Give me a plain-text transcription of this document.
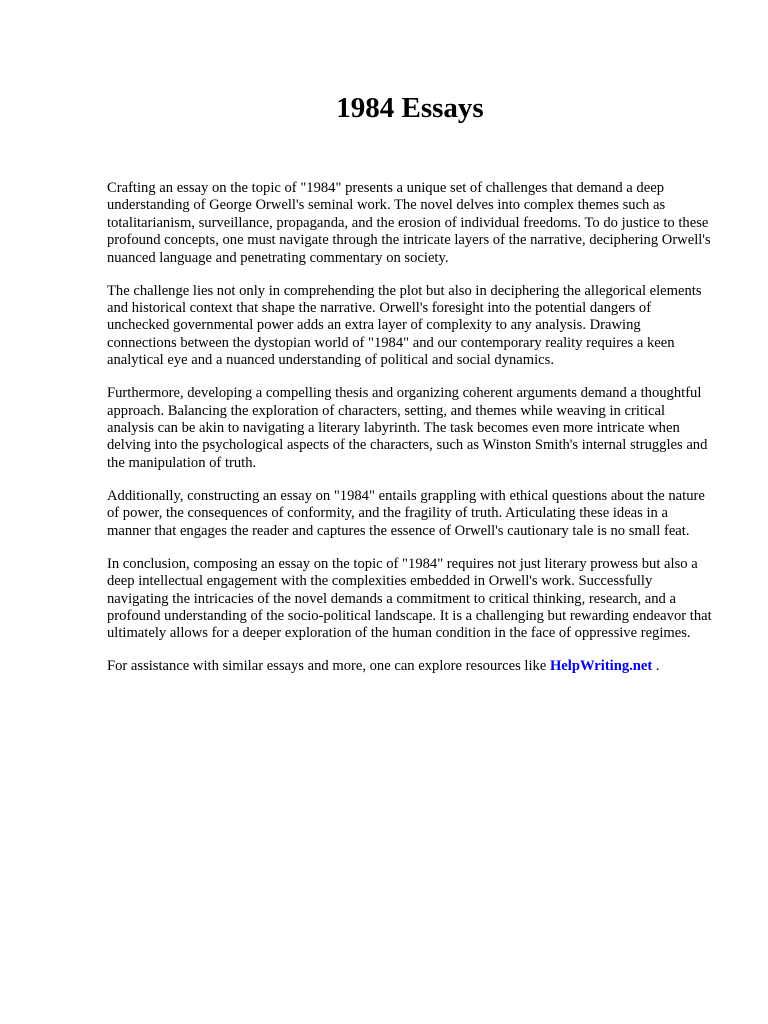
1984 Essays

Crafting an essay on the topic of "1984" presents a unique set of challenges that demand a deep understanding of George Orwell's seminal work. The novel delves into complex themes such as totalitarianism, surveillance, propaganda, and the erosion of individual freedoms. To do justice to these profound concepts, one must navigate through the intricate layers of the narrative, deciphering Orwell's nuanced language and penetrating commentary on society.

The challenge lies not only in comprehending the plot but also in deciphering the allegorical elements and historical context that shape the narrative. Orwell's foresight into the potential dangers of unchecked governmental power adds an extra layer of complexity to any analysis. Drawing connections between the dystopian world of "1984" and our contemporary reality requires a keen analytical eye and a nuanced understanding of political and social dynamics.

Furthermore, developing a compelling thesis and organizing coherent arguments demand a thoughtful approach. Balancing the exploration of characters, setting, and themes while weaving in critical analysis can be akin to navigating a literary labyrinth. The task becomes even more intricate when delving into the psychological aspects of the characters, such as Winston Smith's internal struggles and the manipulation of truth.

Additionally, constructing an essay on "1984" entails grappling with ethical questions about the nature of power, the consequences of conformity, and the fragility of truth. Articulating these ideas in a manner that engages the reader and captures the essence of Orwell's cautionary tale is no small feat.

In conclusion, composing an essay on the topic of "1984" requires not just literary prowess but also a deep intellectual engagement with the complexities embedded in Orwell's work. Successfully navigating the intricacies of the novel demands a commitment to critical thinking, research, and a profound understanding of the socio-political landscape. It is a challenging but rewarding endeavor that ultimately allows for a deeper exploration of the human condition in the face of oppressive regimes.

For assistance with similar essays and more, one can explore resources like HelpWriting.net .
